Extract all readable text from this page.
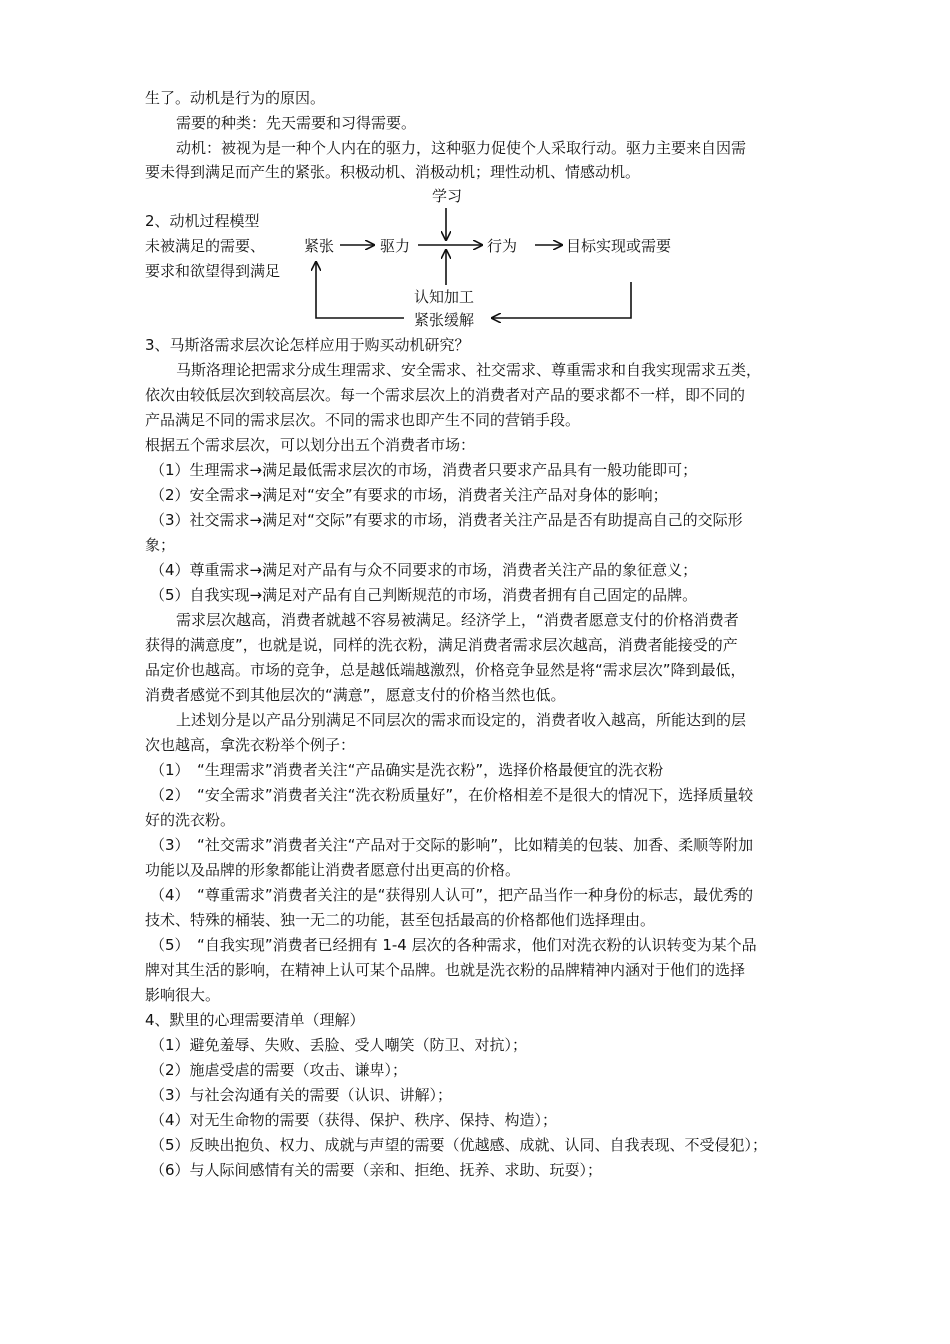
生了。动机是行为的原因。
需要的种类：先天需要和习得需要。
动机：被视为是一种个人内在的驱力，这种驱力促使个人采取行动。驱力主要来自因需
要未得到满足而产生的紧张。积极动机、消极动机；理性动机、情感动机。
学习
2、动机过程模型
未被满足的需要、
要求和欲望得到满足
紧张	驱力	行为	目标实现或需要
认知加工
紧张缓解
3、马斯洛需求层次论怎样应用于购买动机研究？
马斯洛理论把需求分成生理需求、安全需求、社交需求、尊重需求和自我实现需求五类，
依次由较低层次到较高层次。每一个需求层次上的消费者对产品的要求都不一样，即不同的
产品满足不同的需求层次。不同的需求也即产生不同的营销手段。
根据五个需求层次，可以划分出五个消费者市场：
（1）生理需求→满足最低需求层次的市场，消费者只要求产品具有一般功能即可；
（2）安全需求→满足对“安全”有要求的市场，消费者关注产品对身体的影响；
（3）社交需求→满足对“交际”有要求的市场，消费者关注产品是否有助提高自己的交际形
象；
（4）尊重需求→满足对产品有与众不同要求的市场，消费者关注产品的象征意义；
（5）自我实现→满足对产品有自己判断规范的市场，消费者拥有自己固定的品牌。
需求层次越高，消费者就越不容易被满足。经济学上，“消费者愿意支付的价格消费者
获得的满意度”，也就是说，同样的洗衣粉，满足消费者需求层次越高，消费者能接受的产
品定价也越高。市场的竞争，总是越低端越激烈，价格竞争显然是将“需求层次”降到最低，
消费者感觉不到其他层次的“满意”，愿意支付的价格当然也低。
上述划分是以产品分别满足不同层次的需求而设定的，消费者收入越高，所能达到的层
次也越高，拿洗衣粉举个例子：
（1）　“生理需求”消费者关注“产品确实是洗衣粉”，选择价格最便宜的洗衣粉
（2）　“安全需求”消费者关注“洗衣粉质量好”，在价格相差不是很大的情况下，选择质量较
好的洗衣粉。
（3）　“社交需求”消费者关注“产品对于交际的影响”，比如精美的包装、加香、柔顺等附加
功能以及品牌的形象都能让消费者愿意付出更高的价格。
（4）　“尊重需求”消费者关注的是“获得别人认可”，把产品当作一种身份的标志，最优秀的
技术、特殊的桶装、独一无二的功能，甚至包括最高的价格都他们选择理由。
（5）　“自我实现”消费者已经拥有 1-4 层次的各种需求，他们对洗衣粉的认识转变为某个品
牌对其生活的影响，在精神上认可某个品牌。也就是洗衣粉的品牌精神内涵对于他们的选择
影响很大。
4、默里的心理需要清单（理解）
（1）避免羞辱、失败、丢脸、受人嘲笑（防卫、对抗）；
（2）施虐受虐的需要（攻击、谦卑）；
（3）与社会沟通有关的需要（认识、讲解）；
（4）对无生命物的需要（获得、保护、秩序、保持、构造）；
（5）反映出抱负、权力、成就与声望的需要（优越感、成就、认同、自我表现、不受侵犯）；
（6）与人际间感情有关的需要（亲和、拒绝、抚养、求助、玩耍）；
